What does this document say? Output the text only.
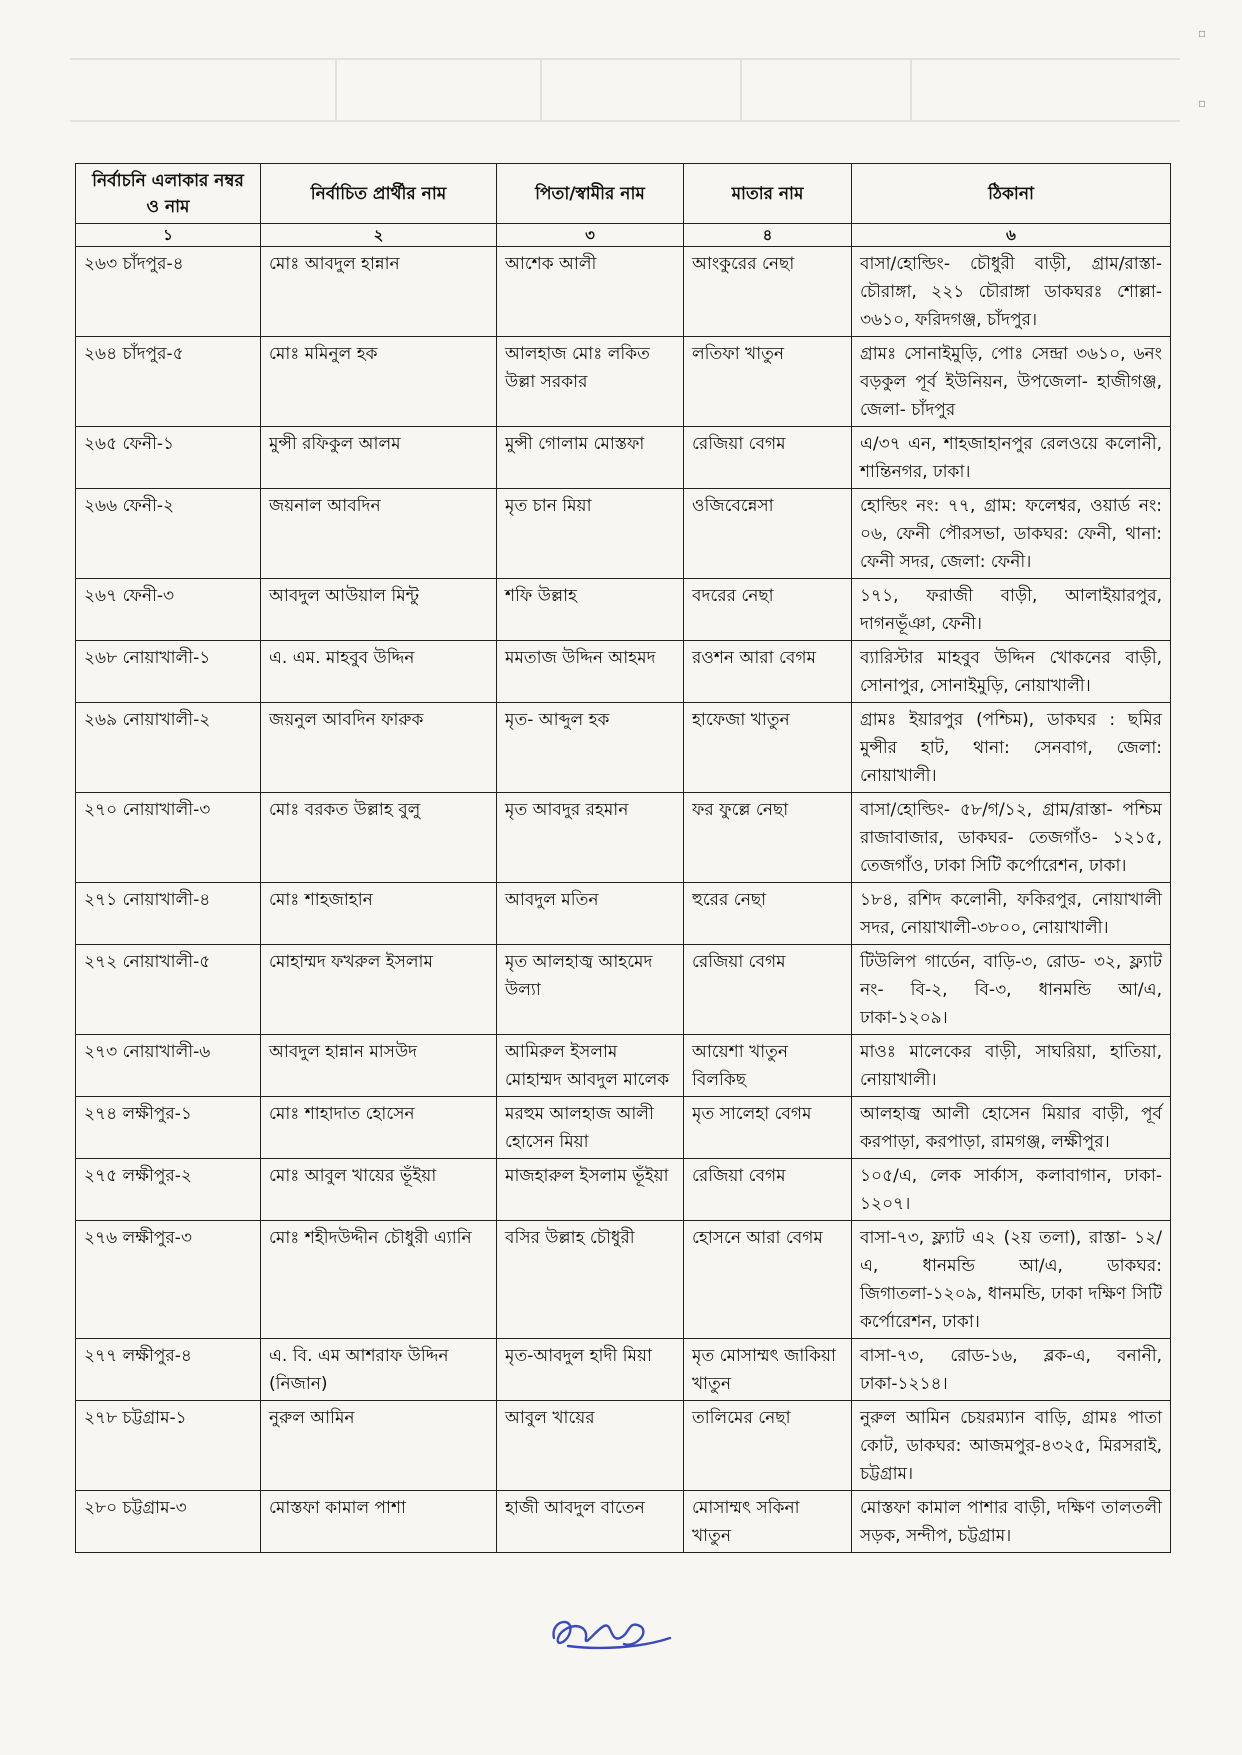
▫
▫
নির্বাচনি এলাকার নম্বর ও নাম	নির্বাচিত প্রার্থীর নাম	পিতা/স্বামীর নাম	মাতার নাম	ঠিকানা
১	২	৩	৪	৬
২৬৩ চাঁদপুর-৪	মোঃ আবদুল হান্নান	আশেক আলী	আংকুরের নেছা	বাসা/হোল্ডিং- চৌধুরী বাড়ী, গ্রাম/রাস্তা- চৌরাঙ্গা, ২২১ চৌরাঙ্গা ডাকঘরঃ শোল্লা- ৩৬১০, ফরিদগঞ্জ, চাঁদপুর।
২৬৪ চাঁদপুর-৫	মোঃ মমিনুল হক	আলহাজ মোঃ লকিত উল্লা সরকার	লতিফা খাতুন	গ্রামঃ সোনাইমুড়ি, পোঃ সেন্দ্রা ৩৬১০, ৬নং বড়কুল পূর্ব ইউনিয়ন, উপজেলা- হাজীগঞ্জ, জেলা- চাঁদপুর
২৬৫ ফেনী-১	মুন্সী রফিকুল আলম	মুন্সী গোলাম মোস্তফা	রেজিয়া বেগম	এ/৩৭ এন, শাহজাহানপুর রেলওয়ে কলোনী, শান্তিনগর, ঢাকা।
২৬৬ ফেনী-২	জয়নাল আবদিন	মৃত চান মিয়া	ওজিবেন্নেসা	হোল্ডিং নং: ৭৭, গ্রাম: ফলেশ্বর, ওয়ার্ড নং: ০৬, ফেনী পৌরসভা, ডাকঘর: ফেনী, থানা: ফেনী সদর, জেলা: ফেনী।
২৬৭ ফেনী-৩	আবদুল আউয়াল মিন্টু	শফি উল্লাহ	বদরের নেছা	১৭১, ফরাজী বাড়ী, আলাইয়ারপুর, দাগনভূঁঞা, ফেনী।
২৬৮ নোয়াখালী-১	এ. এম. মাহবুব উদ্দিন	মমতাজ উদ্দিন আহমদ	রওশন আরা বেগম	ব্যারিস্টার মাহবুব উদ্দিন খোকনের বাড়ী, সোনাপুর, সোনাইমুড়ি, নোয়াখালী।
২৬৯ নোয়াখালী-২	জয়নুল আবদিন ফারুক	মৃত- আব্দুল হক	হাফেজা খাতুন	গ্রামঃ ইয়ারপুর (পশ্চিম), ডাকঘর : ছমির মুন্সীর হাট, থানা: সেনবাগ, জেলা: নোয়াখালী।
২৭০ নোয়াখালী-৩	মোঃ বরকত উল্লাহ বুলু	মৃত আবদুর রহমান	ফর ফুল্লে নেছা	বাসা/হোল্ডিং- ৫৮/গ/১২, গ্রাম/রাস্তা- পশ্চিম রাজাবাজার, ডাকঘর- তেজগাঁও- ১২১৫, তেজগাঁও, ঢাকা সিটি কর্পোরেশন, ঢাকা।
২৭১ নোয়াখালী-৪	মোঃ শাহজাহান	আবদুল মতিন	হুরের নেছা	১৮৪, রশিদ কলোনী, ফকিরপুর, নোয়াখালী সদর, নোয়াখালী-৩৮০০, নোয়াখালী।
২৭২ নোয়াখালী-৫	মোহাম্মদ ফখরুল ইসলাম	মৃত আলহাজ্ব আহমেদ উল্যা	রেজিয়া বেগম	টিউলিপ গার্ডেন, বাড়ি-৩, রোড- ৩২, ফ্ল্যাট নং- বি-২, বি-৩, ধানমন্ডি আ/এ, ঢাকা-১২০৯।
২৭৩ নোয়াখালী-৬	আবদুল হান্নান মাসউদ	আমিরুল ইসলাম মোহাম্মদ আবদুল মালেক	আয়েশা খাতুন বিলকিছ	মাওঃ মালেকের বাড়ী, সাঘরিয়া, হাতিয়া, নোয়াখালী।
২৭৪ লক্ষীপুর-১	মোঃ শাহাদাত হোসেন	মরহুম আলহাজ আলী হোসেন মিয়া	মৃত সালেহা বেগম	আলহাজ্ব আলী হোসেন মিয়ার বাড়ী, পূর্ব করপাড়া, করপাড়া, রামগঞ্জ, লক্ষীপুর।
২৭৫ লক্ষীপুর-২	মোঃ আবুল খায়ের ভূঁইয়া	মাজহারুল ইসলাম ভূঁইয়া	রেজিয়া বেগম	১০৫/এ, লেক সার্কাস, কলাবাগান, ঢাকা- ১২০৭।
২৭৬ লক্ষীপুর-৩	মোঃ শহীদউদ্দীন চৌধুরী এ্যানি	বসির উল্লাহ চৌধুরী	হোসনে আরা বেগম	বাসা-৭৩, ফ্ল্যাট এ২ (২য় তলা), রাস্তা- ১২/এ, ধানমন্ডি আ/এ, ডাকঘর: জিগাতলা-১২০৯, ধানমন্ডি, ঢাকা দক্ষিণ সিটি কর্পোরেশন, ঢাকা।
২৭৭ লক্ষীপুর-৪	এ. বি. এম আশরাফ উদ্দিন (নিজান)	মৃত-আবদুল হাদী মিয়া	মৃত মোসাম্মৎ জাকিয়া খাতুন	বাসা-৭৩, রোড-১৬, ব্লক-এ, বনানী, ঢাকা-১২১৪।
২৭৮ চট্টগ্রাম-১	নুরুল আমিন	আবুল খায়ের	তালিমের নেছা	নুরুল আমিন চেয়রম্যান বাড়ি, গ্রামঃ পাতা কোট, ডাকঘর: আজমপুর-৪৩২৫, মিরসরাই, চট্টগ্রাম।
২৮০ চট্টগ্রাম-৩	মোস্তফা কামাল পাশা	হাজী আবদুল বাতেন	মোসাম্মৎ সকিনা খাতুন	মোস্তফা কামাল পাশার বাড়ী, দক্ষিণ তালতলী সড়ক, সন্দীপ, চট্টগ্রাম।
